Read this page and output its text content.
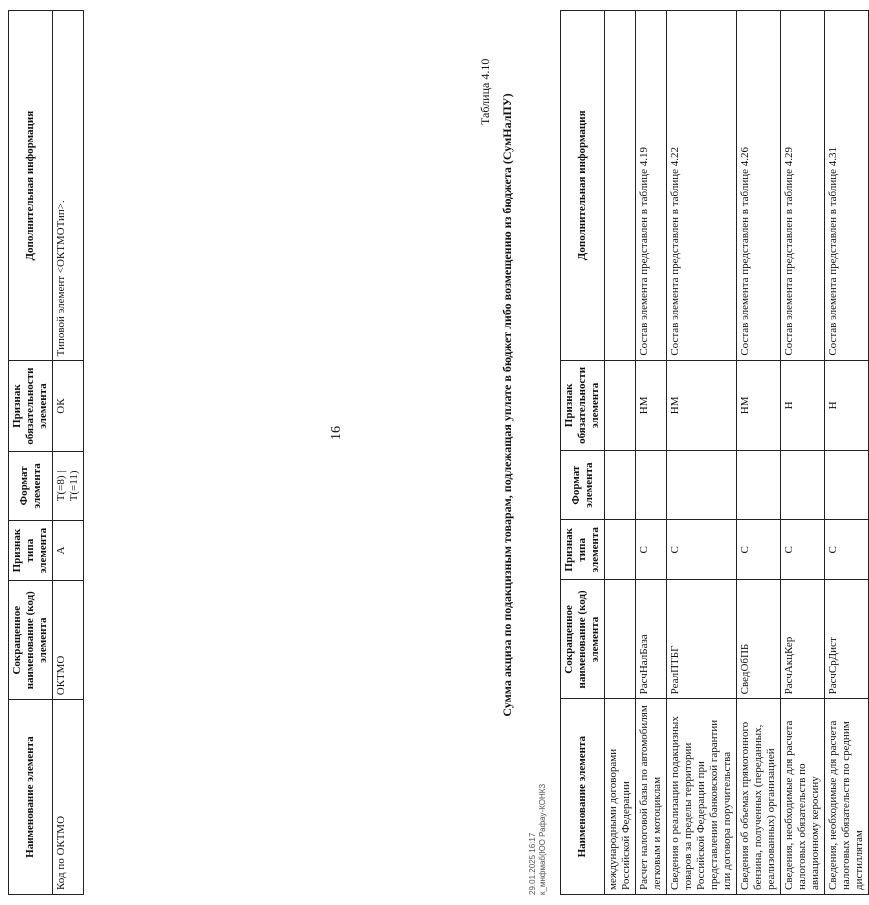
16
Наименование элемента	Сокращенное наименование (код) элемента	Признак типа элемента	Формат элемента	Признак обязательности элемента	Дополнительная информация
международными договорами Российской Федерации					
Расчет налоговой базы по автомобилям легковым и мотоциклам	РасчНалБаза	С		НМ	Состав элемента представлен в таблице 4.19
Сведения о реализации подакцизных товаров за пределы территории Российской Федерации при представлении банковской гарантии или договора поручительства	РеалПТБГ	С		НМ	Состав элемента представлен в таблице 4.22
Сведения об объемах прямогонного бензина, полученных (переданных, реализованных) организацией	СведОбПБ	С		НМ	Состав элемента представлен в таблице 4.26
Сведения, необходимые для расчета налоговых обязательств по авиационному керосину	РасчАкцКер	С		Н	Состав элемента представлен в таблице 4.29
Сведения, необходимые для расчета налоговых обязательств по средним дистиллятам	РасчСрДист	С		Н	Состав элемента представлен в таблице 4.31
Таблица 4.10
Сумма акциза по подакцизным товарам, подлежащая уплате в бюджет либо возмещению из бюджета (СумНалПУ)
Наименование элемента	Сокращенное наименование (код) элемента	Признак типа элемента	Формат элемента	Признак обязательности элемента	Дополнительная информация
Код по ОКТМО	ОКТМО	А	T(=8) | T(=11)	ОК	Типовой элемент <ОКТМОТип>.
29.01.2025 16:17 к_мнфмаб(ЮО Рафау-КОНКЗ
